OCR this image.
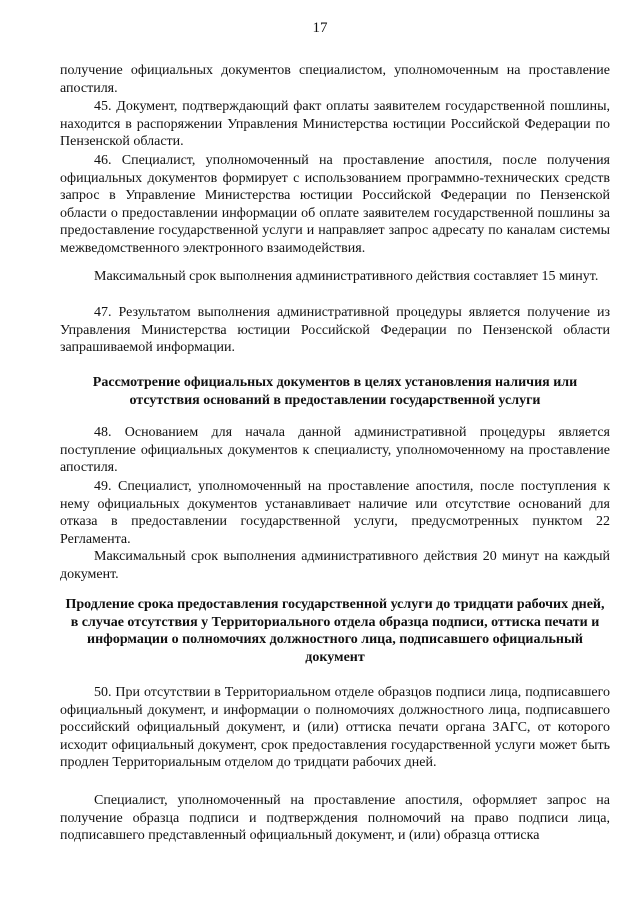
17

получение официальных документов специалистом, уполномоченным на проставление апостиля.

45. Документ, подтверждающий факт оплаты заявителем государственной пошлины, находится в распоряжении Управления Министерства юстиции Российской Федерации по Пензенской области.

46. Специалист, уполномоченный на проставление апостиля, после получения официальных документов формирует с использованием программно-технических средств запрос в Управление Министерства юстиции Российской Федерации по Пензенской области о предоставлении информации об оплате заявителем государственной пошлины за предоставление государственной услуги и направляет запрос адресату по каналам системы межведомственного электронного взаимодействия.

Максимальный срок выполнения административного действия составляет 15 минут.

47. Результатом выполнения административной процедуры является получение из Управления Министерства юстиции Российской Федерации по Пензенской области запрашиваемой информации.

Рассмотрение официальных документов в целях установления наличия или отсутствия оснований в предоставлении государственной услуги

48. Основанием для начала данной административной процедуры является поступление официальных документов к специалисту, уполномоченному на проставление апостиля.

49. Специалист, уполномоченный на проставление апостиля, после поступления к нему официальных документов устанавливает наличие или отсутствие оснований для отказа в предоставлении государственной услуги, предусмотренных пунктом 22 Регламента.

Максимальный срок выполнения административного действия 20 минут на каждый документ.

Продление срока предоставления государственной услуги до тридцати рабочих дней, в случае отсутствия у Территориального отдела образца подписи, оттиска печати и информации о полномочиях должностного лица, подписавшего официальный документ

50. При отсутствии в Территориальном отделе образцов подписи лица, подписавшего официальный документ, и информации о полномочиях должностного лица, подписавшего российский официальный документ, и (или) оттиска печати органа ЗАГС, от которого исходит официальный документ, срок предоставления государственной услуги может быть продлен Территориальным отделом до тридцати рабочих дней.

Специалист, уполномоченный на проставление апостиля, оформляет запрос на получение образца подписи и подтверждения полномочий на право подписи лица, подписавшего представленный официальный документ, и (или) образца оттиска
